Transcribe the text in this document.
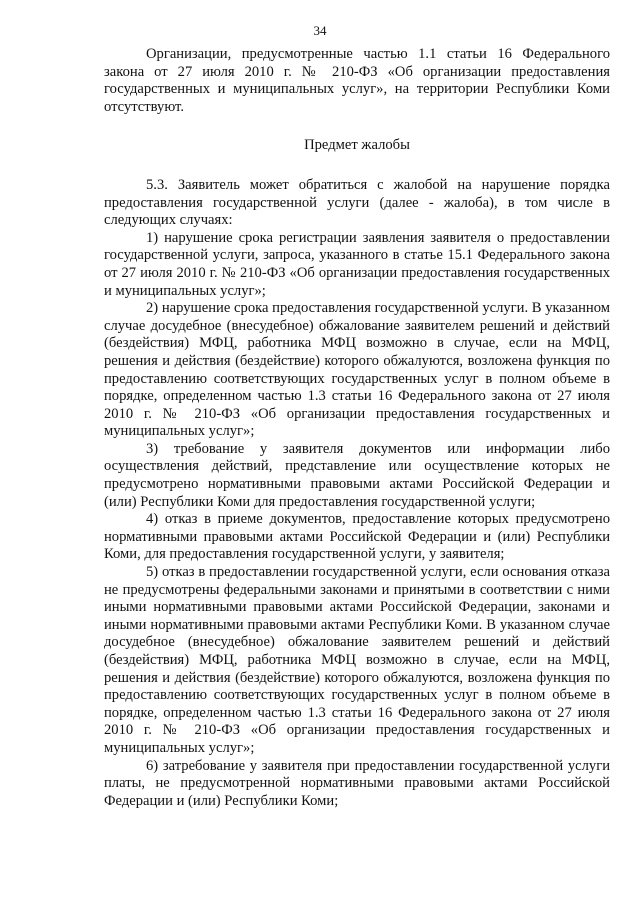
34

Организации, предусмотренные частью 1.1 статьи 16 Федерального закона от 27 июля 2010 г. № 210-ФЗ «Об организации предоставления государственных и муниципальных услуг», на территории Республики Коми отсутствуют.

Предмет жалобы

5.3. Заявитель может обратиться с жалобой на нарушение порядка предоставления государственной услуги (далее - жалоба), в том числе в следующих случаях:

1) нарушение срока регистрации заявления заявителя о предоставлении государственной услуги, запроса, указанного в статье 15.1 Федерального закона от 27 июля 2010 г. № 210-ФЗ «Об организации предоставления государственных и муниципальных услуг»;

2) нарушение срока предоставления государственной услуги. В указанном случае досудебное (внесудебное) обжалование заявителем решений и действий (бездействия) МФЦ, работника МФЦ возможно в случае, если на МФЦ, решения и действия (бездействие) которого обжалуются, возложена функция по предоставлению соответствующих государственных услуг в полном объеме в порядке, определенном частью 1.3 статьи 16 Федерального закона от 27 июля 2010 г. № 210-ФЗ «Об организации предоставления государственных и муниципальных услуг»;

3) требование у заявителя документов или информации либо осуществления действий, представление или осуществление которых не предусмотрено нормативными правовыми актами Российской Федерации и (или) Республики Коми для предоставления государственной услуги;

4) отказ в приеме документов, предоставление которых предусмотрено нормативными правовыми актами Российской Федерации и (или) Республики Коми, для предоставления государственной услуги, у заявителя;

5) отказ в предоставлении государственной услуги, если основания отказа не предусмотрены федеральными законами и принятыми в соответствии с ними иными нормативными правовыми актами Российской Федерации, законами и иными нормативными правовыми актами Республики Коми. В указанном случае досудебное (внесудебное) обжалование заявителем решений и действий (бездействия) МФЦ, работника МФЦ возможно в случае, если на МФЦ, решения и действия (бездействие) которого обжалуются, возложена функция по предоставлению соответствующих государственных услуг в полном объеме в порядке, определенном частью 1.3 статьи 16 Федерального закона от 27 июля 2010 г. № 210-ФЗ «Об организации предоставления государственных и муниципальных услуг»;

6) затребование у заявителя при предоставлении государственной услуги платы, не предусмотренной нормативными правовыми актами Российской Федерации и (или) Республики Коми;
